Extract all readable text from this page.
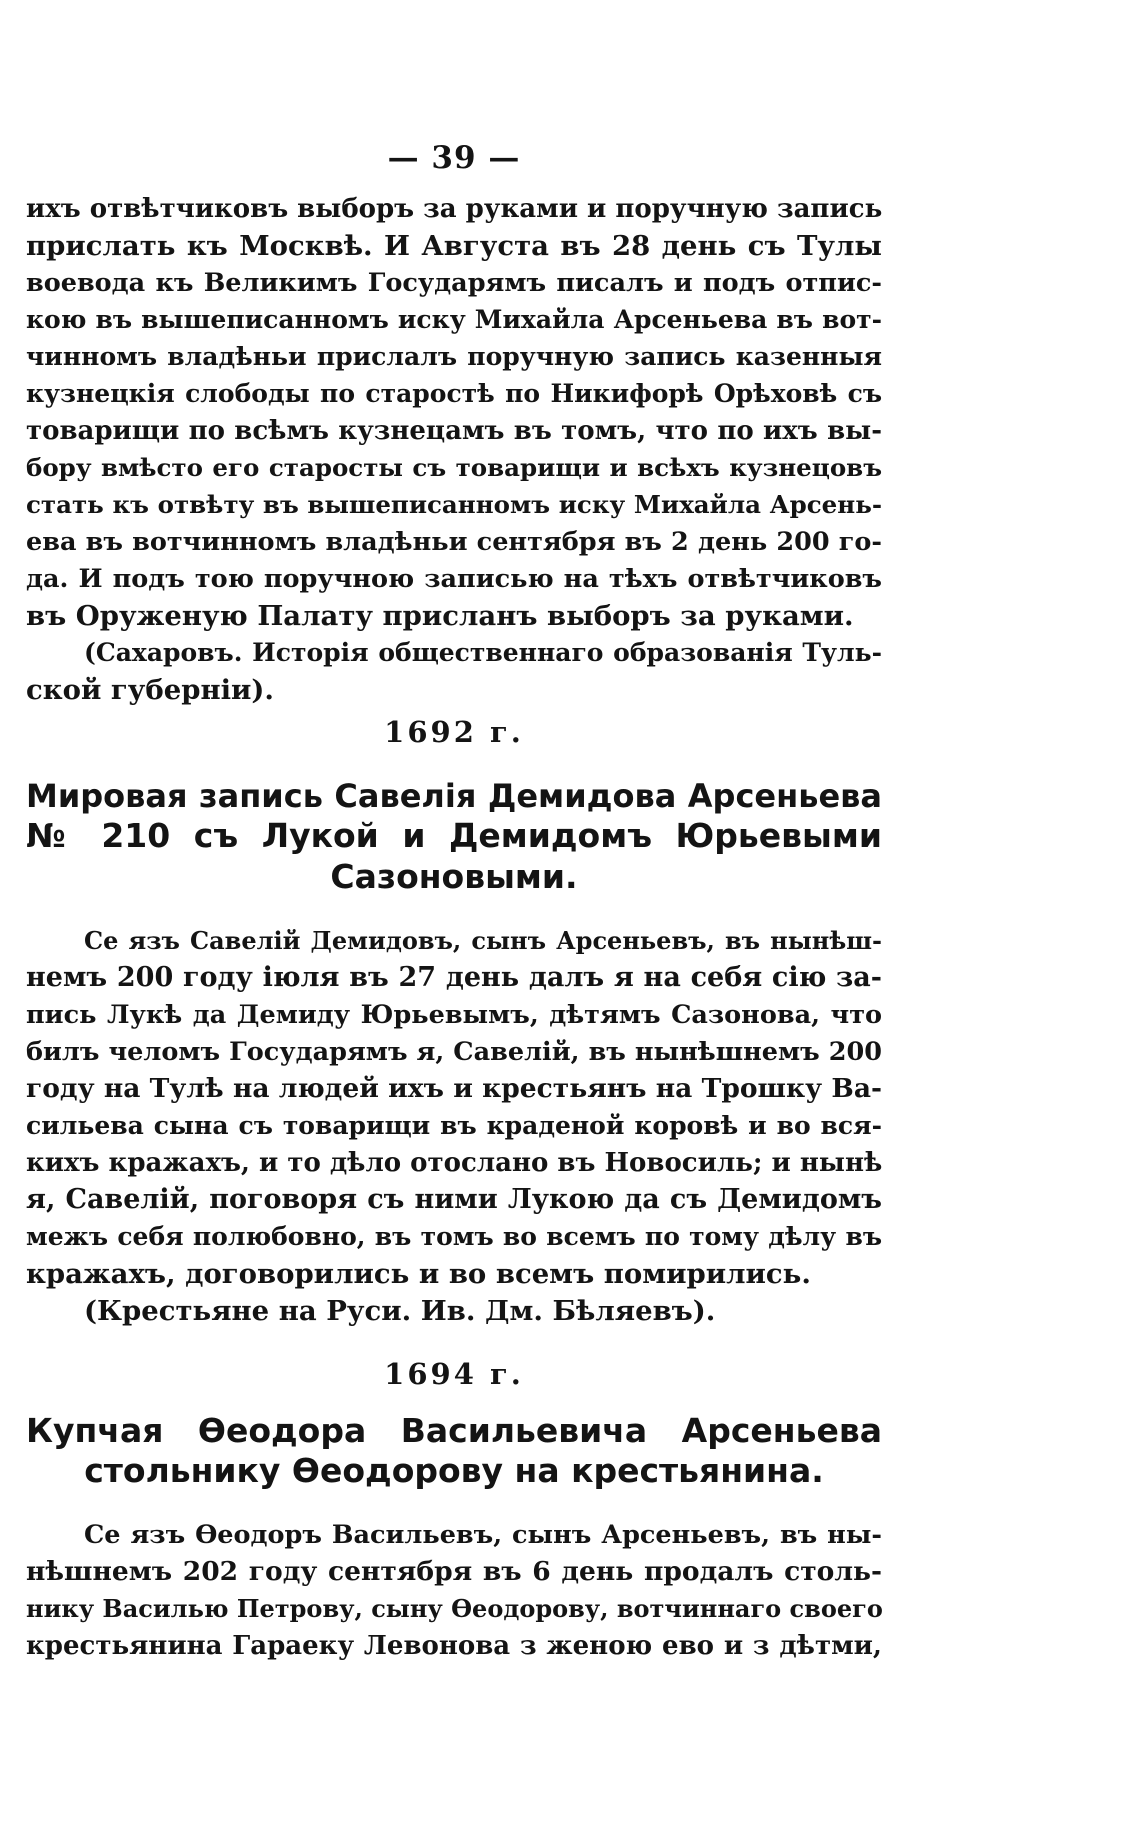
— 39 —
ихъ отвѣтчиковъ выборъ за руками и поручную запись
прислать къ Москвѣ. И Августа въ 28 день съ Тулы
воевода къ Великимъ Государямъ писалъ и подъ отпис-
кою въ вышеписанномъ иску Михайла Арсеньева въ вот-
чинномъ владѣньи прислалъ поручную запись казенныя
кузнецкія слободы по старостѣ по Никифорѣ Орѣховѣ съ
товарищи по всѣмъ кузнецамъ въ томъ, что по ихъ вы-
бору вмѣсто его старосты съ товарищи и всѣхъ кузнецовъ
стать къ отвѣту въ вышеписанномъ иску Михайла Арсень-
ева въ вотчинномъ владѣньи сентября въ 2 день 200 го-
да. И подъ тою поручною записью на тѣхъ отвѣтчиковъ
въ Оруженую Палату присланъ выборъ за руками.
(Сахаровъ. Исторія общественнаго образованія Туль-
ской губерніи).
1692 г.
Мировая запись Савелія Демидова Арсеньева
№ 210 съ Лукой и Демидомъ Юрьевыми
Сазоновыми.
Се язъ Савелій Демидовъ, сынъ Арсеньевъ, въ нынѣш-
немъ 200 году іюля въ 27 день далъ я на себя сію за-
пись Лукѣ да Демиду Юрьевымъ, дѣтямъ Сазонова, что
билъ челомъ Государямъ я, Савелій, въ нынѣшнемъ 200
году на Тулѣ на людей ихъ и крестьянъ на Трошку Ва-
сильева сына съ товарищи въ краденой коровѣ и во вся-
кихъ кражахъ, и то дѣло отослано въ Новосиль; и нынѣ
я, Савелій, поговоря съ ними Лукою да съ Демидомъ
межъ себя полюбовно, въ томъ во всемъ по тому дѣлу въ
кражахъ, договорились и во всемъ помирились.
(Крестьяне на Руси. Ив. Дм. Бѣляевъ).
1694 г.
Купчая Ѳеодора Васильевича Арсеньева
стольнику Ѳеодорову на крестьянина.
Се язъ Ѳеодоръ Васильевъ, сынъ Арсеньевъ, въ ны-
нѣшнемъ 202 году сентября въ 6 день продалъ столь-
нику Василью Петрову, сыну Ѳеодорову, вотчиннаго своего
крестьянина Гараеку Левонова з женою ево и з дѣтми,
